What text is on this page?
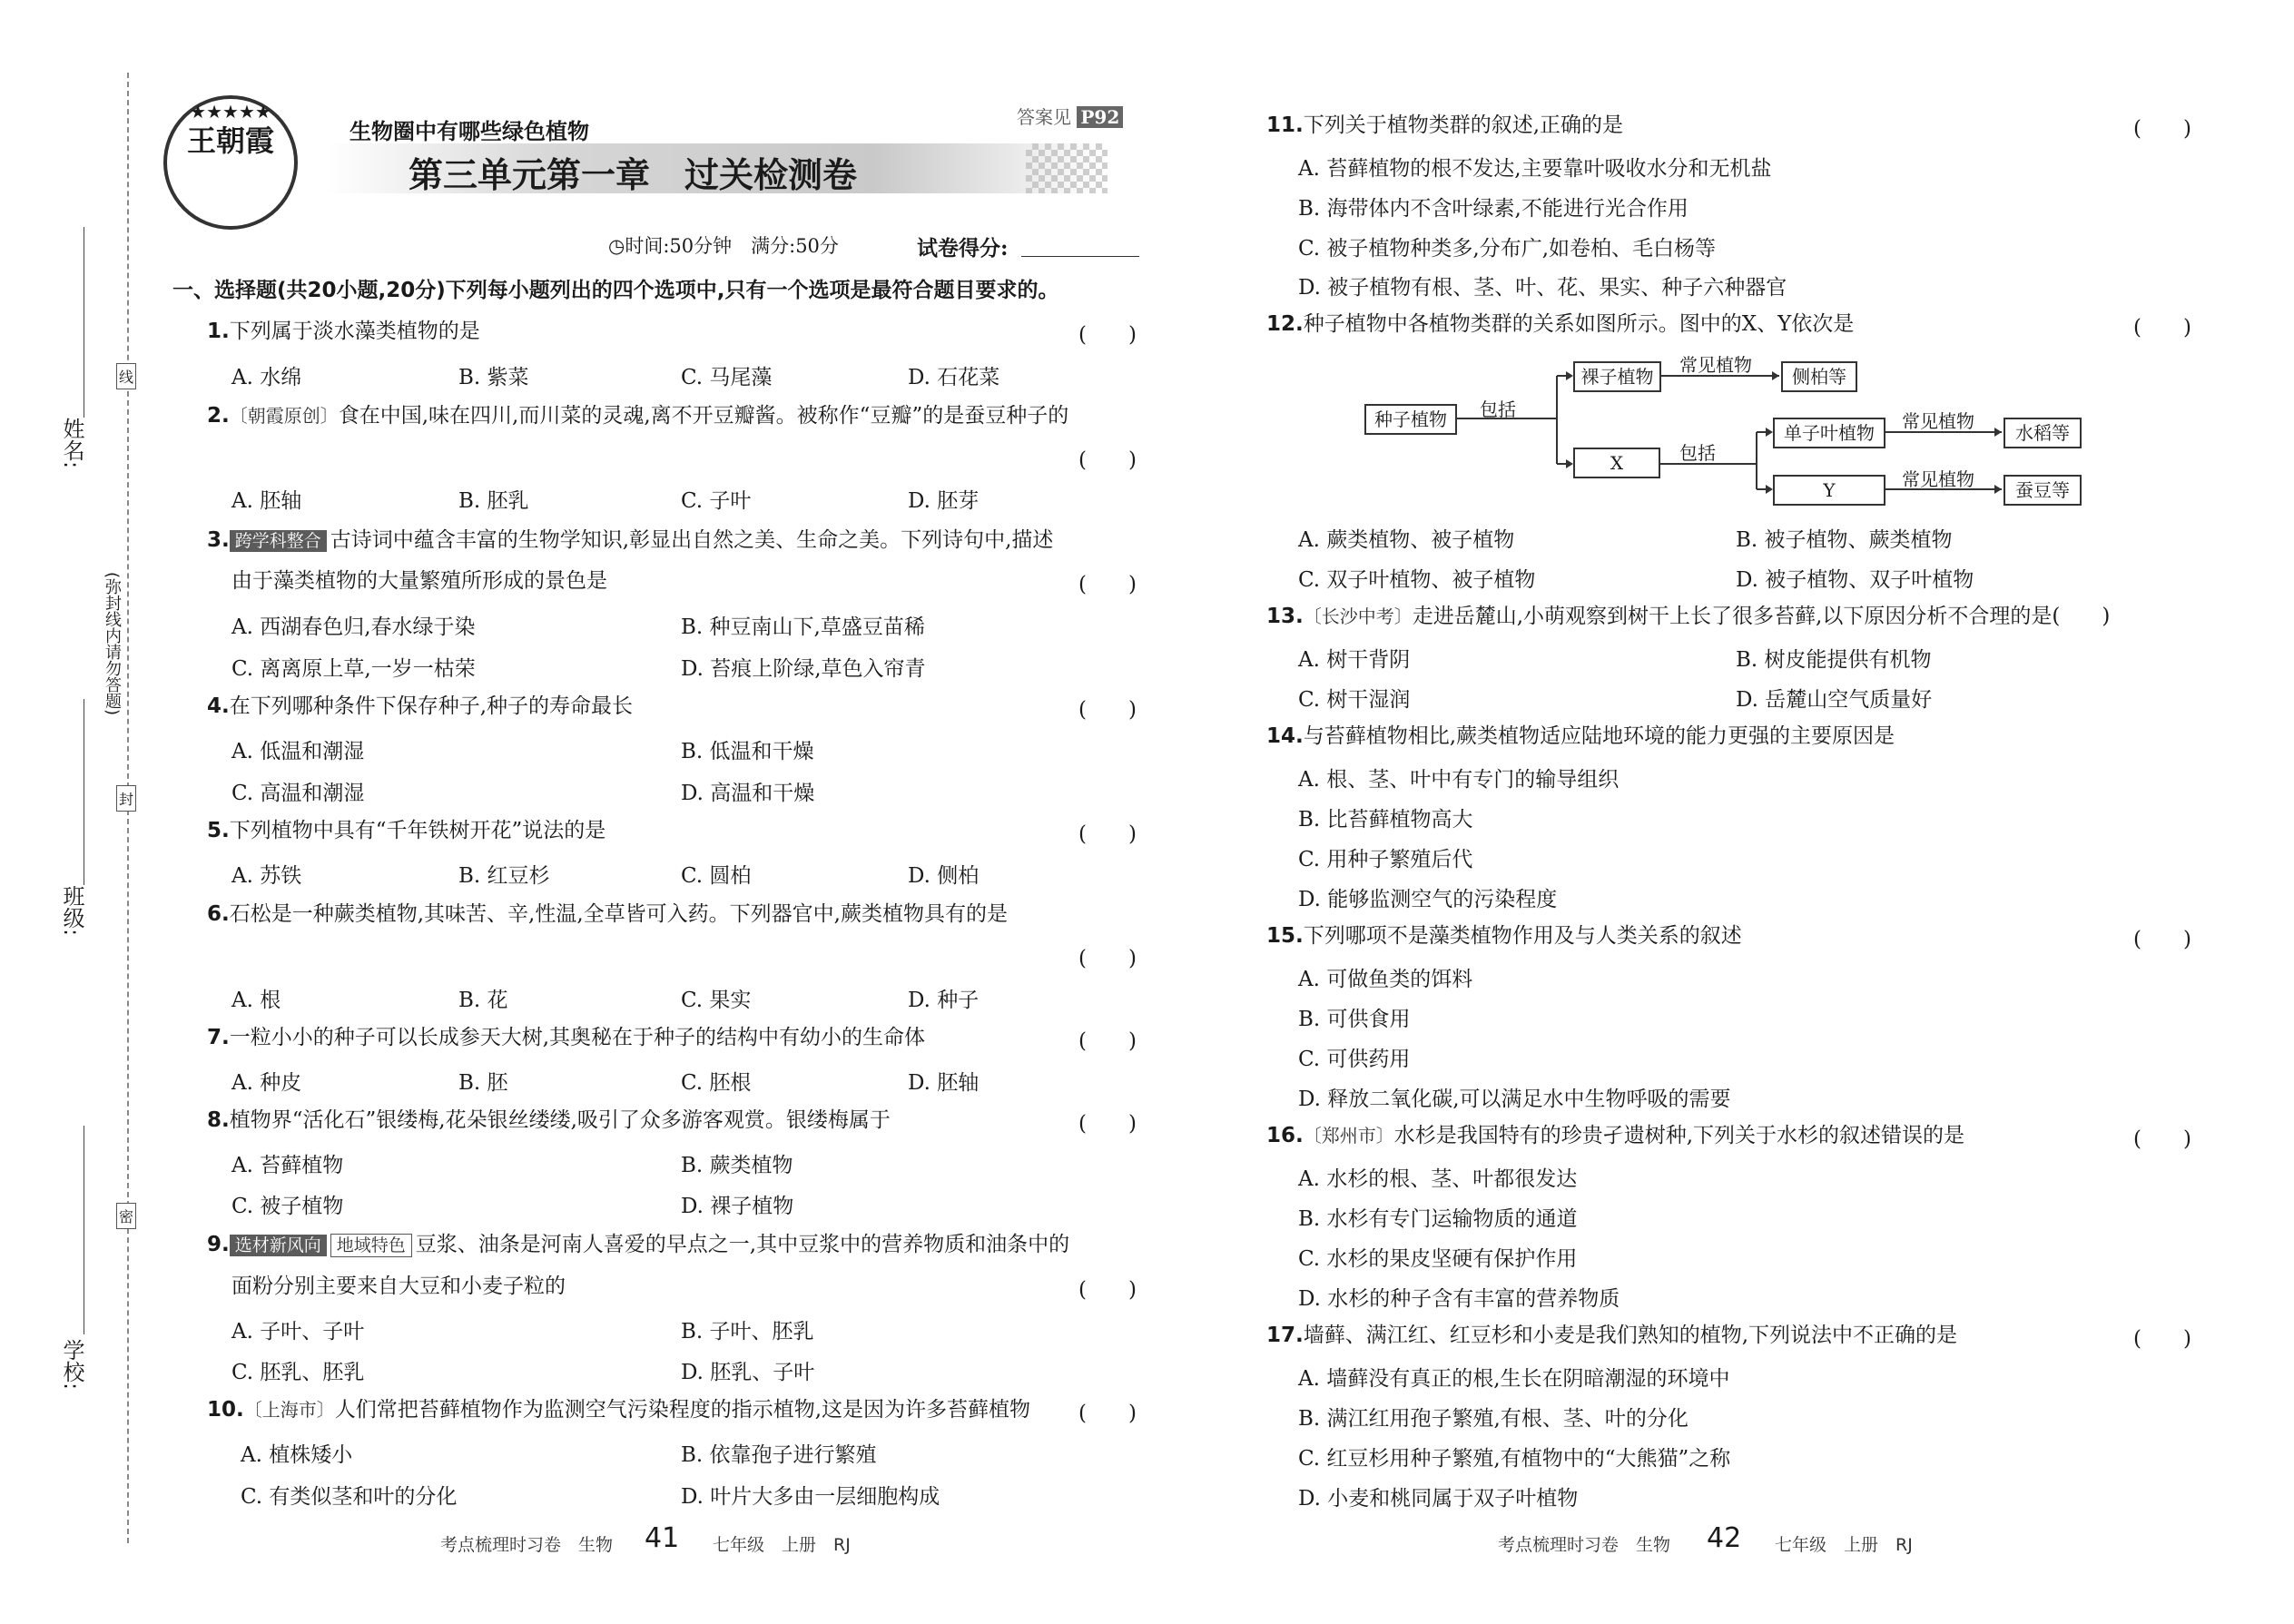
姓名:
班级:
学校:
(弥封线内请勿答题)
线
封
密
★★★★★
王朝霞	生物圈中有哪些绿色植物
第三单元第一章　过关检测卷
答案见 P92
◷时间:50分钟　满分:50分	试卷得分:
一、选择题(共20小题,20分)下列每小题列出的四个选项中,只有一个选项是最符合题目要求的。
1.下列属于淡水藻类植物的是	(　　)
A. 水绵	B. 紫菜	C. 马尾藻	D. 石花菜
2.〔朝霞原创〕食在中国,味在四川,而川菜的灵魂,离不开豆瓣酱。被称作“豆瓣”的是蚕豆种子的
(　　)
A. 胚轴	B. 胚乳	C. 子叶	D. 胚芽
3. 跨学科整合 古诗词中蕴含丰富的生物学知识,彰显出自然之美、生命之美。下列诗句中,描述
由于藻类植物的大量繁殖所形成的景色是	(　　)
A. 西湖春色归,春水绿于染	B. 种豆南山下,草盛豆苗稀
C. 离离原上草,一岁一枯荣	D. 苔痕上阶绿,草色入帘青
4.在下列哪种条件下保存种子,种子的寿命最长	(　　)
A. 低温和潮湿	B. 低温和干燥
C. 高温和潮湿	D. 高温和干燥
5.下列植物中具有“千年铁树开花”说法的是	(　　)
A. 苏铁	B. 红豆杉	C. 圆柏	D. 侧柏
6.石松是一种蕨类植物,其味苦、辛,性温,全草皆可入药。下列器官中,蕨类植物具有的是
(　　)
A. 根	B. 花	C. 果实	D. 种子
7.一粒小小的种子可以长成参天大树,其奥秘在于种子的结构中有幼小的生命体	(　　)
A. 种皮	B. 胚	C. 胚根	D. 胚轴
8.植物界“活化石”银缕梅,花朵银丝缕缕,吸引了众多游客观赏。银缕梅属于	(　　)
A. 苔藓植物	B. 蕨类植物
C. 被子植物	D. 裸子植物
9. 选材新风向 地域特色 豆浆、油条是河南人喜爱的早点之一,其中豆浆中的营养物质和油条中的
面粉分别主要来自大豆和小麦子粒的	(　　)
A. 子叶、子叶	B. 子叶、胚乳
C. 胚乳、胚乳	D. 胚乳、子叶
10.〔上海市〕人们常把苔藓植物作为监测空气污染程度的指示植物,这是因为许多苔藓植物 (　　)
A. 植株矮小	B. 依靠孢子进行繁殖
C. 有类似茎和叶的分化	D. 叶片大多由一层细胞构成
考点梳理时习卷　生物 41 七年级　上册　RJ
11.下列关于植物类群的叙述,正确的是	(　　)
A. 苔藓植物的根不发达,主要靠叶吸收水分和无机盐
B. 海带体内不含叶绿素,不能进行光合作用
C. 被子植物种类多,分布广,如卷柏、毛白杨等
D. 被子植物有根、茎、叶、花、果实、种子六种器官
12.种子植物中各植物类群的关系如图所示。图中的X、Y依次是	(　　)
种子植物	包括
裸子植物
常见植物
侧柏等
X	包括
单子叶植物
常见植物
水稻等
Y	常见植物	蚕豆等
A. 蕨类植物、被子植物	B. 被子植物、蕨类植物
C. 双子叶植物、被子植物	D. 被子植物、双子叶植物
13.〔长沙中考〕走进岳麓山,小萌观察到树干上长了很多苔藓,以下原因分析不合理的是(　　)
A. 树干背阴	B. 树皮能提供有机物
C. 树干湿润	D. 岳麓山空气质量好
14.与苔藓植物相比,蕨类植物适应陆地环境的能力更强的主要原因是
A. 根、茎、叶中有专门的输导组织
B. 比苔藓植物高大
C. 用种子繁殖后代
D. 能够监测空气的污染程度
15.下列哪项不是藻类植物作用及与人类关系的叙述	(　　)
A. 可做鱼类的饵料
B. 可供食用
C. 可供药用
D. 释放二氧化碳,可以满足水中生物呼吸的需要
16.〔郑州市〕水杉是我国特有的珍贵孑遗树种,下列关于水杉的叙述错误的是	(　　)
A. 水杉的根、茎、叶都很发达
B. 水杉有专门运输物质的通道
C. 水杉的果皮坚硬有保护作用
D. 水杉的种子含有丰富的营养物质
17.墙藓、满江红、红豆杉和小麦是我们熟知的植物,下列说法中不正确的是	(　　)
A. 墙藓没有真正的根,生长在阴暗潮湿的环境中
B. 满江红用孢子繁殖,有根、茎、叶的分化
C. 红豆杉用种子繁殖,有植物中的“大熊猫”之称
D. 小麦和桃同属于双子叶植物
考点梳理时习卷　生物 42 七年级　上册　RJ
